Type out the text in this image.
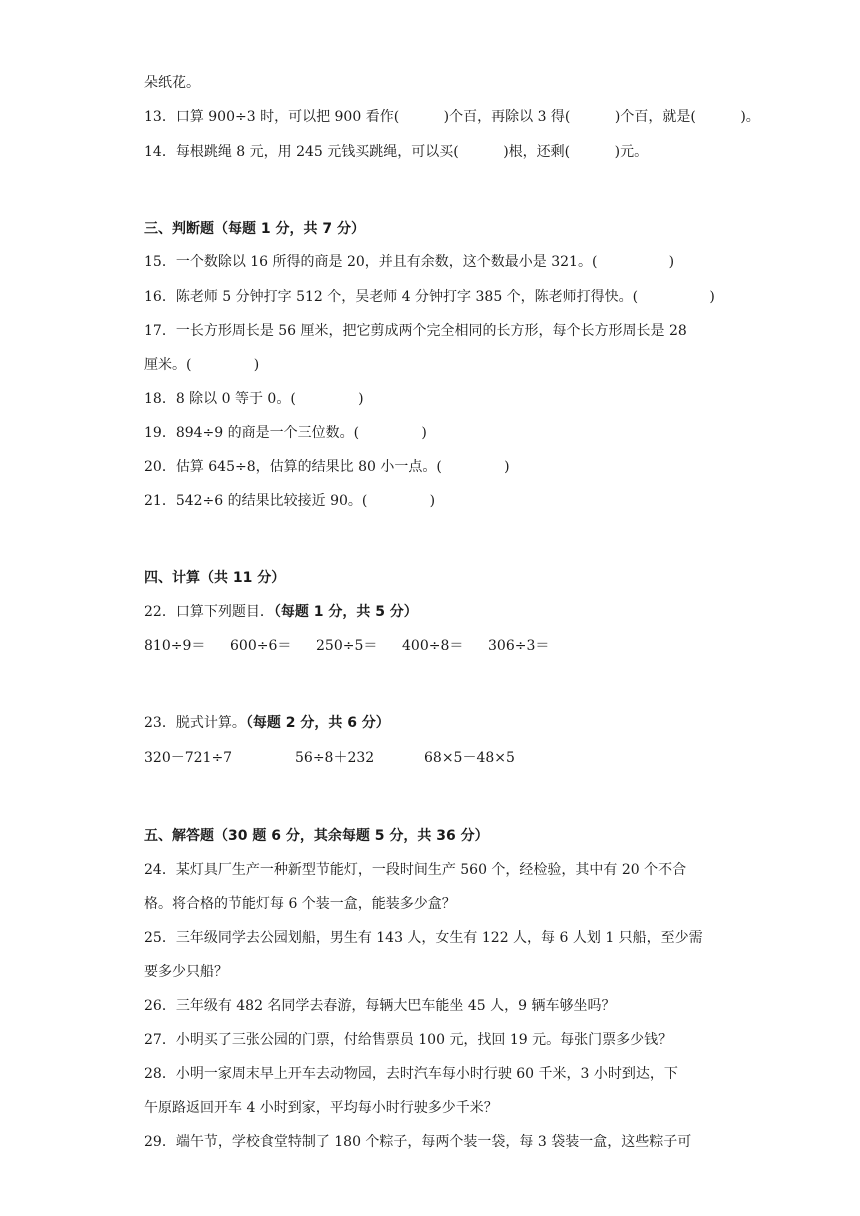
朵纸花。

13．口算 900÷3 时，可以把 900 看作(          )个百，再除以 3 得(          )个百，就是(          )。

14．每根跳绳 8 元，用 245 元钱买跳绳，可以买(          )根，还剩(          )元。

三、判断题（每题 1 分，共 7 分）

15．一个数除以 16 所得的商是 20，并且有余数，这个数最小是 321。(                )

16．陈老师 5 分钟打字 512 个，吴老师 4 分钟打字 385 个，陈老师打得快。(                )

17．一长方形周长是 56 厘米，把它剪成两个完全相同的长方形，每个长方形周长是 28

厘米。(              )

18．8 除以 0 等于 0。(              )

19．894÷9 的商是一个三位数。(              )

20．估算 645÷8，估算的结果比 80 小一点。(              )

21．542÷6 的结果比较接近 90。(              )

四、计算（共 11 分）

22．口算下列题目．（每题 1 分，共 5 分）

810÷9＝ 600÷6＝ 250÷5＝ 400÷8＝ 306÷3＝

23．脱式计算。（每题 2 分，共 6 分）

320－721÷7	56÷8＋232	68×5－48×5

五、解答题（30 题 6 分，其余每题 5 分，共 36 分）

24．某灯具厂生产一种新型节能灯，一段时间生产 560 个，经检验，其中有 20 个不合

格。将合格的节能灯每 6 个装一盒，能装多少盒？

25．三年级同学去公园划船，男生有 143 人，女生有 122 人，每 6 人划 1 只船，至少需

要多少只船？

26．三年级有 482 名同学去春游，每辆大巴车能坐 45 人，9 辆车够坐吗？

27．小明买了三张公园的门票，付给售票员 100 元，找回 19 元。每张门票多少钱？

28．小明一家周末早上开车去动物园，去时汽车每小时行驶 60 千米，3 小时到达，下

午原路返回开车 4 小时到家，平均每小时行驶多少千米？

29．端午节，学校食堂特制了 180 个粽子，每两个装一袋，每 3 袋装一盒，这些粽子可
